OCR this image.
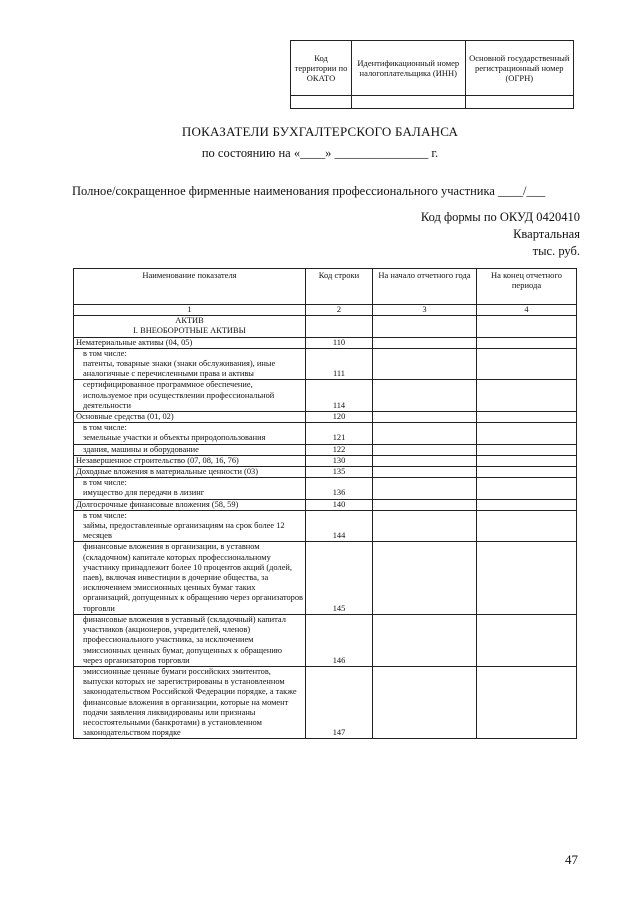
Код территории по ОКАТО	Идентификационный номер налогоплательщика (ИНН)	Основной государственный регистрационный номер (ОГРН)

ПОКАЗАТЕЛИ БУХГАЛТЕРСКОГО БАЛАНСА
по состоянию на «____» _______________ г.
Полное/сокращенное фирменные наименования профессионального участника ____/___
Код формы по ОКУД 0420410
Квартальная
тыс. руб.
Наименование показателя	Код строки	На начало отчетного года	На конец отчетного периода
1	2	3	4
АКТИВ
I. ВНЕОБОРОТНЫЕ АКТИВЫ			
Нематериальные активы (04, 05)	110		
в том числе:
патенты, товарные знаки (знаки обслуживания), иные аналогичные с перечисленными права и активы	111		
сертифицированное программное обеспечение, используемое при осуществлении профессиональной деятельности	114		
Основные средства (01, 02)	120		
в том числе:
земельные участки и объекты природопользования	121		
здания, машины и оборудование	122		
Незавершенное строительство (07, 08, 16, 76)	130		
Доходные вложения в материальные ценности (03)	135		
в том числе:
имущество для передачи в лизинг	136		
Долгосрочные финансовые вложения (58, 59)	140		
в том числе:
займы, предоставленные организациям на срок более 12 месяцев	144		
финансовые вложения в организации, в уставном (складочном) капитале которых профессиональному участнику принадлежит более 10 процентов акций (долей, паев), включая инвестиции в дочерние общества, за исключением эмиссионных ценных бумаг таких организаций, допущенных к обращению через организаторов торговли	145		
финансовые вложения в уставный (складочный) капитал участников (акционеров, учредителей, членов) профессионального участника, за исключением эмиссионных ценных бумаг, допущенных к обращению через организаторов торговли	146		
эмиссионные ценные бумаги российских эмитентов, выпуски которых не зарегистрированы в установленном законодательством Российской Федерации порядке, а также финансовые вложения в организации, которые на момент подачи заявления ликвидированы или признаны несостоятельными (банкротами) в установленном законодательством порядке	147		
47
